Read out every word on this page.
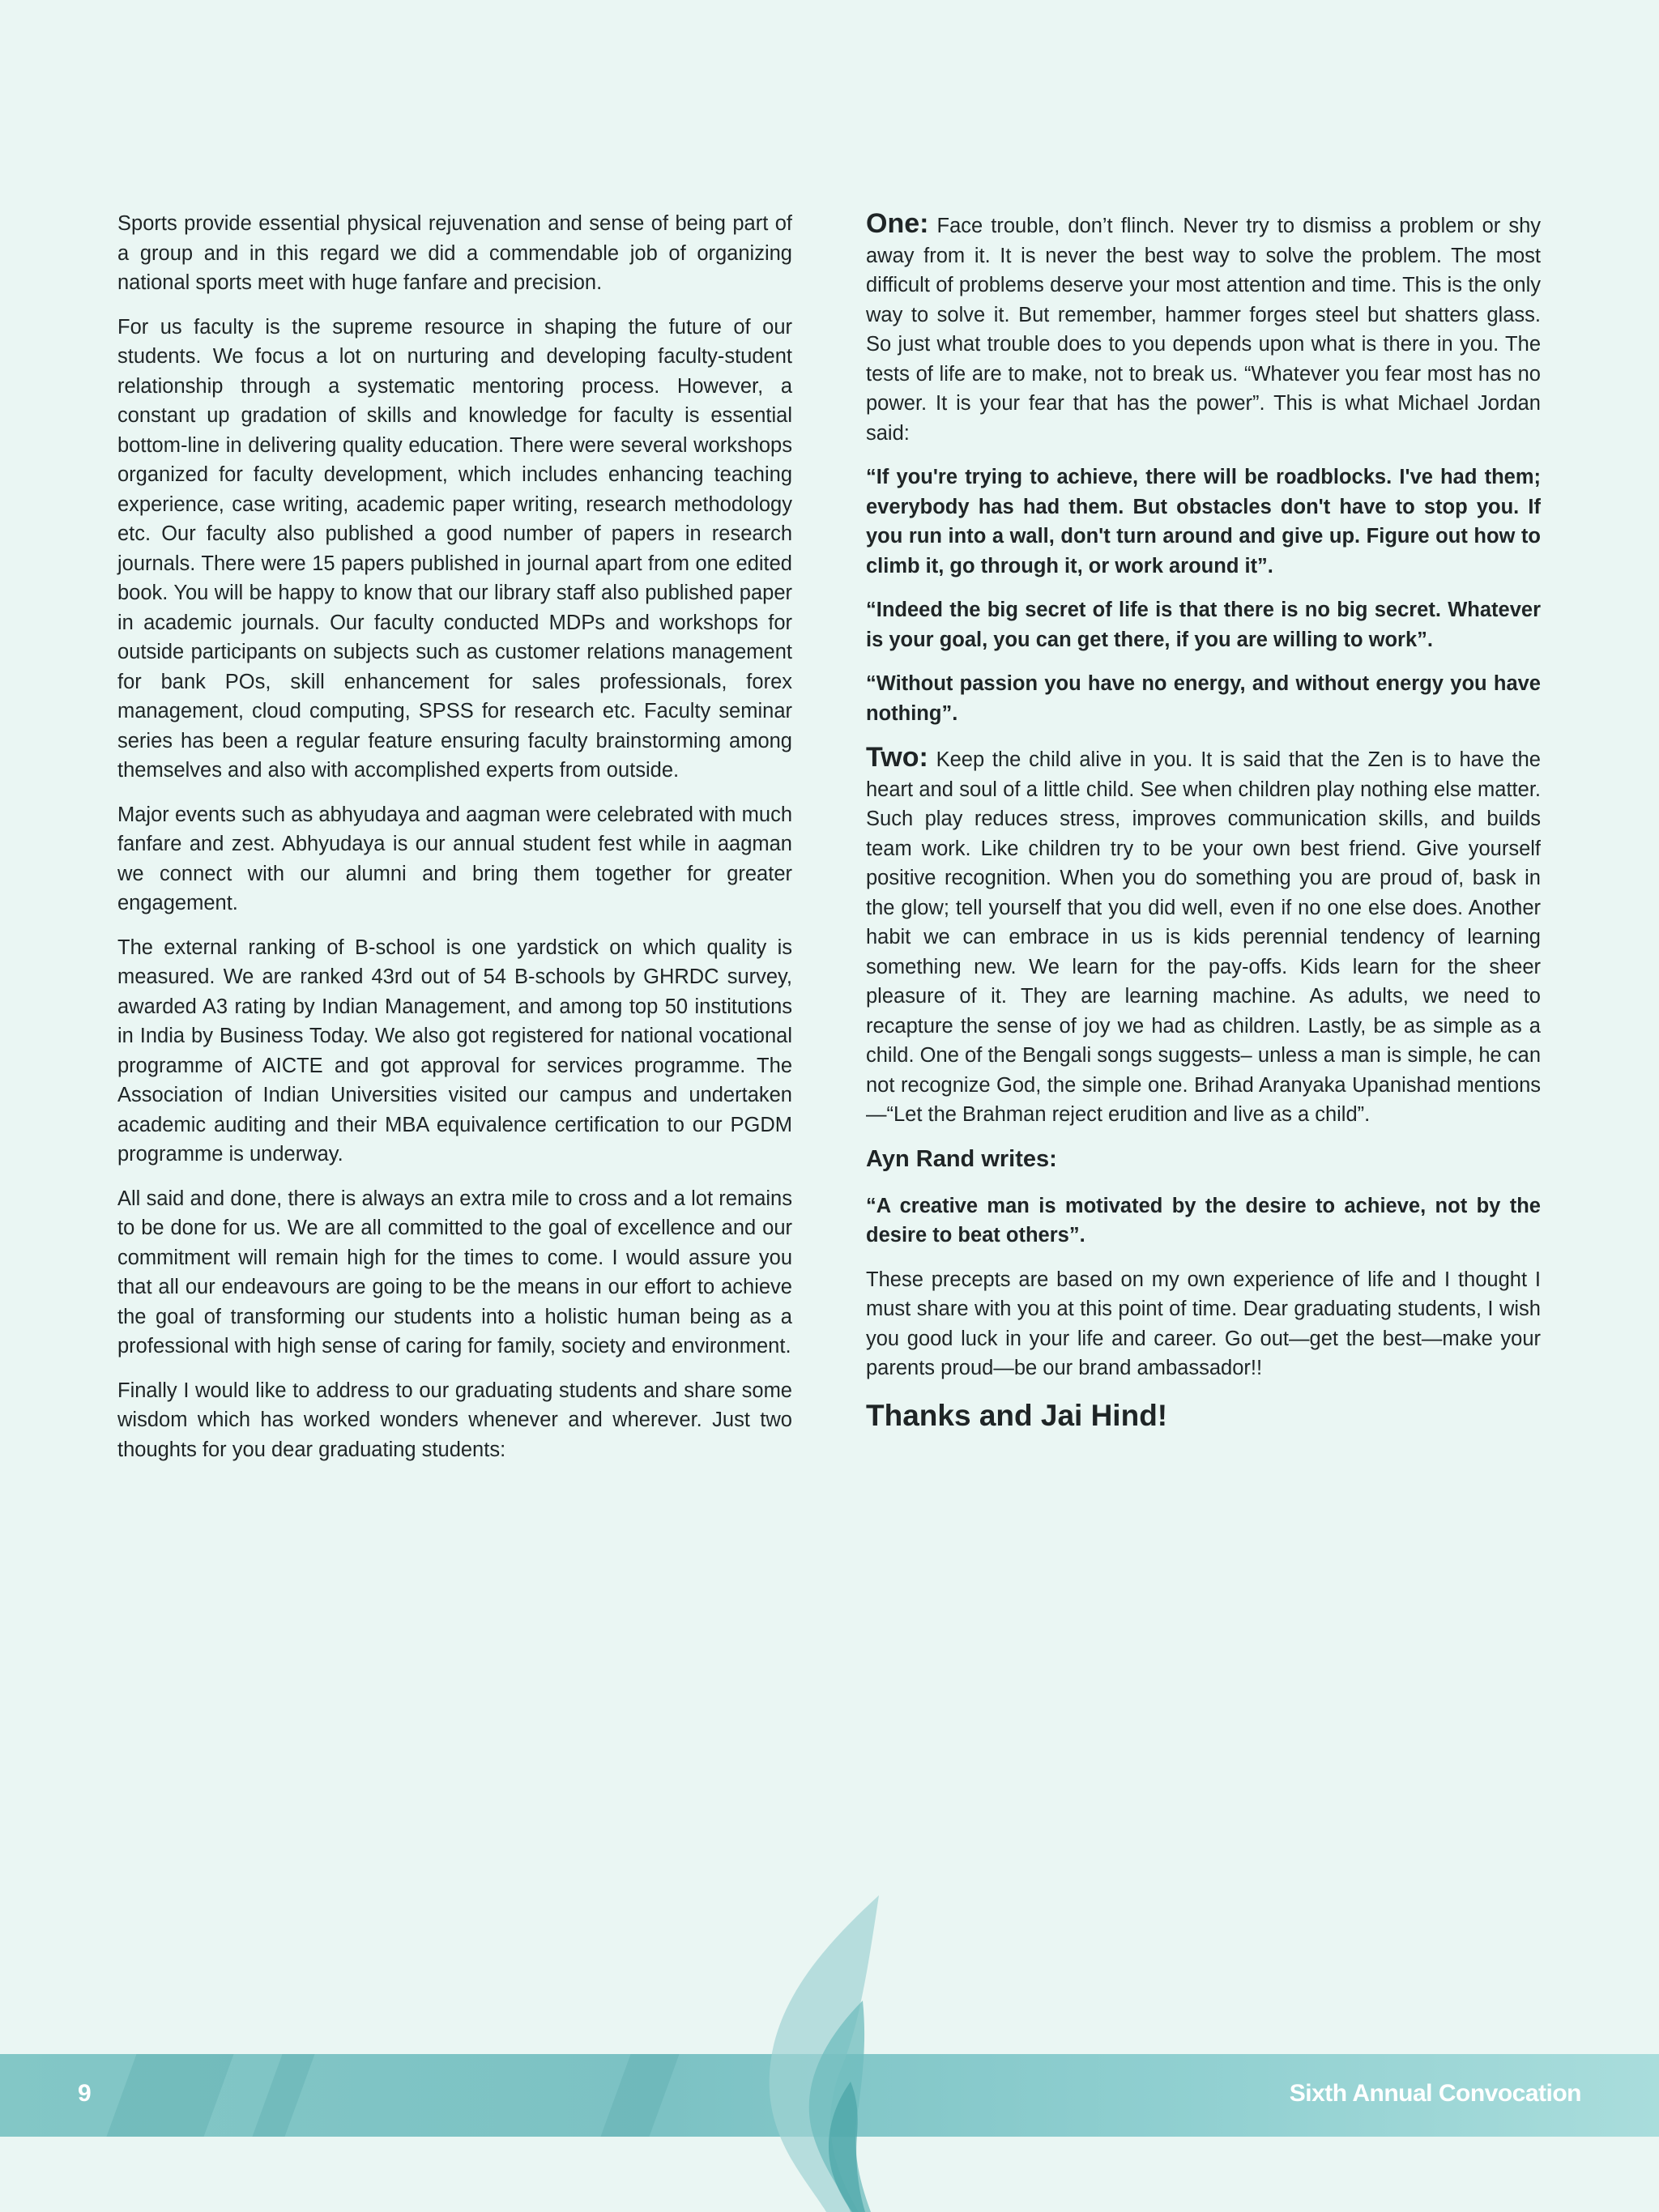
Sports provide essential physical rejuvenation and sense of being part of a group and in this regard we did a commendable job of organizing national sports meet with huge fanfare and precision.

For us faculty is the supreme resource in shaping the future of our students. We focus a lot on nurturing and developing faculty-student relationship through a systematic mentoring process. However, a constant up gradation of skills and knowledge for faculty is essential bottom-line in delivering quality education. There were several workshops organized for faculty development, which includes enhancing teaching experience, case writing, academic paper writing, research methodology etc. Our faculty also published a good number of papers in research journals. There were 15 papers published in journal apart from one edited book. You will be happy to know that our library staff also published paper in academic journals. Our faculty conducted MDPs and workshops for outside participants on subjects such as customer relations management for bank POs, skill enhancement for sales professionals, forex management, cloud computing, SPSS for research etc. Faculty seminar series has been a regular feature ensuring faculty brainstorming among themselves and also with accomplished experts from outside.

Major events such as abhyudaya and aagman were celebrated with much fanfare and zest. Abhyudaya is our annual student fest while in aagman we connect with our alumni and bring them together for greater engagement.

The external ranking of B-school is one yardstick on which quality is measured. We are ranked 43rd out of 54 B-schools by GHRDC survey, awarded A3 rating by Indian Management, and among top 50 institutions in India by Business Today. We also got registered for national vocational programme of AICTE and got approval for services programme. The Association of Indian Universities visited our campus and undertaken academic auditing and their MBA equivalence certification to our PGDM programme is underway.

All said and done, there is always an extra mile to cross and a lot remains to be done for us. We are all committed to the goal of excellence and our commitment will remain high for the times to come. I would assure you that all our endeavours are going to be the means in our effort to achieve the goal of transforming our students into a holistic human being as a professional with high sense of caring for family, society and environment.

Finally I would like to address to our graduating students and share some wisdom which has worked wonders whenever and wherever. Just two thoughts for you dear graduating students:

One: Face trouble, don’t flinch. Never try to dismiss a problem or shy away from it. It is never the best way to solve the problem. The most difficult of problems deserve your most attention and time. This is the only way to solve it. But remember, hammer forges steel but shatters glass. So just what trouble does to you depends upon what is there in you. The tests of life are to make, not to break us. “Whatever you fear most has no power. It is your fear that has the power”. This is what Michael Jordan said:

“If you're trying to achieve, there will be roadblocks. I've had them; everybody has had them. But obstacles don't have to stop you. If you run into a wall, don't turn around and give up. Figure out how to climb it, go through it, or work around it”.

“Indeed the big secret of life is that there is no big secret. Whatever is your goal, you can get there, if you are willing to work”.

“Without passion you have no energy, and without energy you have nothing”.

Two: Keep the child alive in you. It is said that the Zen is to have the heart and soul of a little child. See when children play nothing else matter. Such play reduces stress, improves communication skills, and builds team work. Like children try to be your own best friend. Give yourself positive recognition. When you do something you are proud of, bask in the glow; tell yourself that you did well, even if no one else does. Another habit we can embrace in us is kids perennial tendency of learning something new. We learn for the pay-offs. Kids learn for the sheer pleasure of it. They are learning machine. As adults, we need to recapture the sense of joy we had as children. Lastly, be as simple as a child. One of the Bengali songs suggests– unless a man is simple, he can not recognize God, the simple one. Brihad Aranyaka Upanishad mentions—“Let the Brahman reject erudition and live as a child”.

Ayn Rand writes:

“A creative man is motivated by the desire to achieve, not by the desire to beat others”.

These precepts are based on my own experience of life and I thought I must share with you at this point of time. Dear graduating students, I wish you good luck in your life and career. Go out—get the best—make your parents proud—be our brand ambassador!!

Thanks and Jai Hind!
9	Sixth Annual Convocation
